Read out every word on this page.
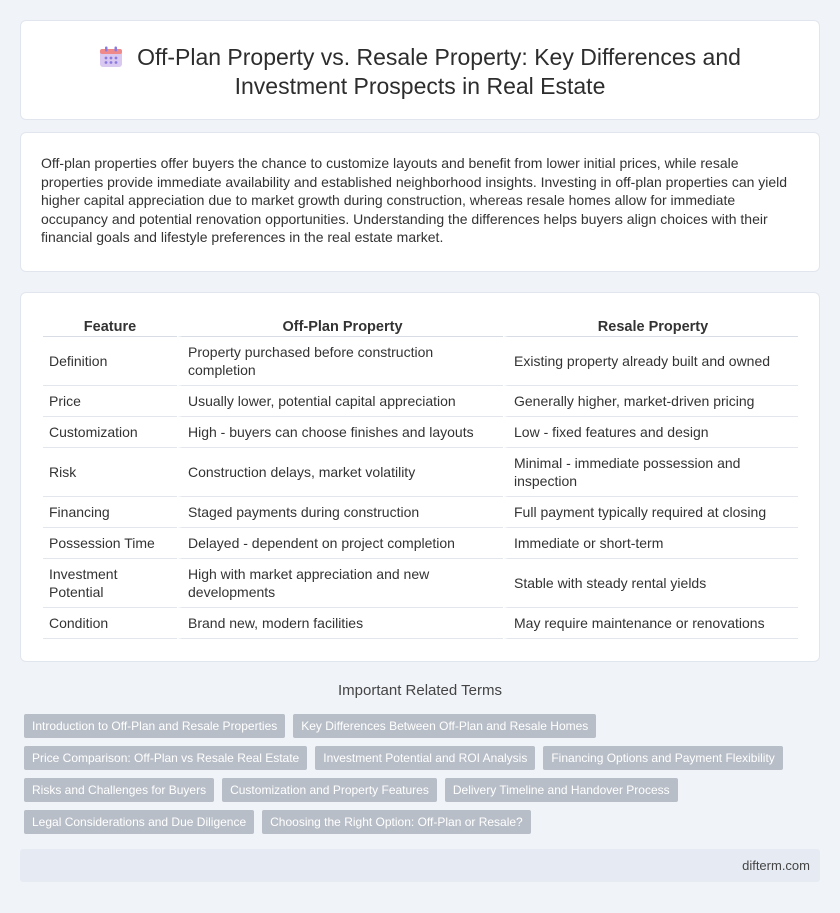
Off-Plan Property vs. Resale Property: Key Differences and
Investment Prospects in Real Estate

Off-plan properties offer buyers the chance to customize layouts and benefit from lower initial prices, while resale properties provide immediate availability and established neighborhood insights. Investing in off-plan properties can yield higher capital appreciation due to market growth during construction, whereas resale homes allow for immediate occupancy and potential renovation opportunities. Understanding the differences helps buyers align choices with their financial goals and lifestyle preferences in the real estate market.

Feature	Off-Plan Property	Resale Property
Definition	Property purchased before construction completion	Existing property already built and owned
Price	Usually lower, potential capital appreciation	Generally higher, market-driven pricing
Customization	High - buyers can choose finishes and layouts	Low - fixed features and design
Risk	Construction delays, market volatility	Minimal - immediate possession and inspection
Financing	Staged payments during construction	Full payment typically required at closing
Possession Time	Delayed - dependent on project completion	Immediate or short-term
Investment Potential	High with market appreciation and new developments	Stable with steady rental yields
Condition	Brand new, modern facilities	May require maintenance or renovations
Important Related Terms
Introduction to Off-Plan and Resale Properties	Key Differences Between Off-Plan and Resale Homes
Price Comparison: Off-Plan vs Resale Real Estate	Investment Potential and ROI Analysis	Financing Options and Payment Flexibility
Risks and Challenges for Buyers	Customization and Property Features	Delivery Timeline and Handover Process
Legal Considerations and Due Diligence	Choosing the Right Option: Off-Plan or Resale?
difterm.com
